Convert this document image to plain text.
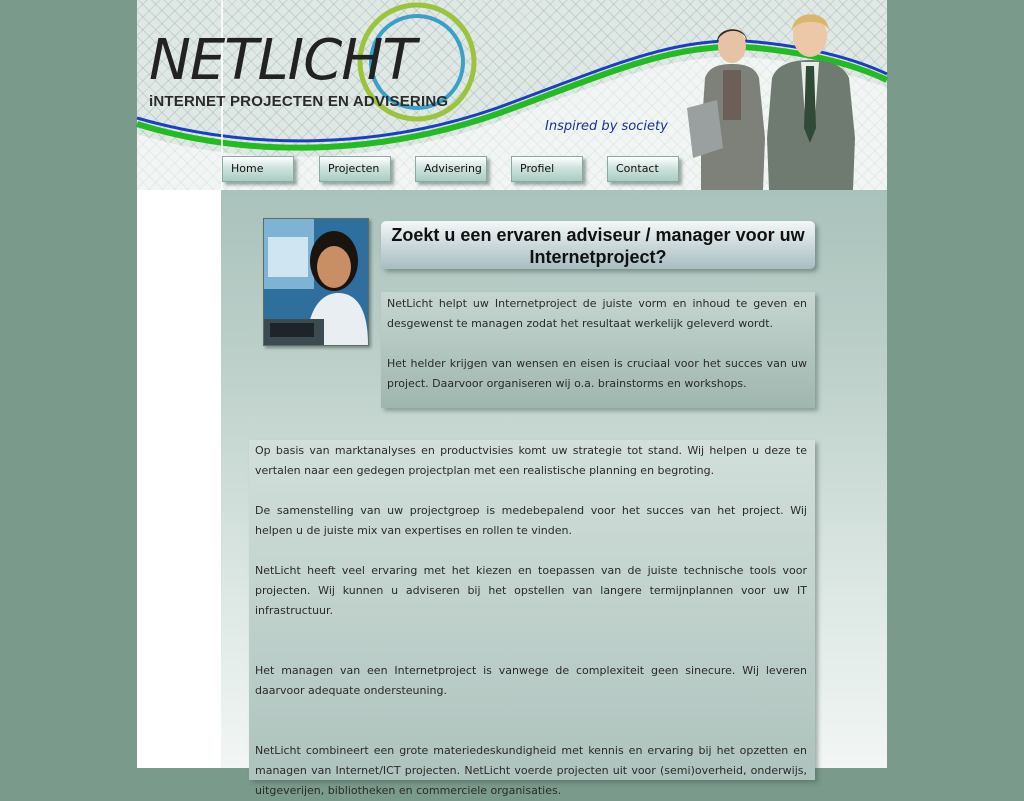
NETLICHT
iNTERNET PROJECTEN EN ADVISERING
Inspired by society
Home	Projecten	Advisering	Profiel	Contact
Zoekt u een ervaren adviseur / manager voor uw Internetproject?

NetLicht helpt uw Internetproject de juiste vorm en inhoud te geven en desgewenst te managen zodat het resultaat werkelijk geleverd wordt.

Het helder krijgen van wensen en eisen is cruciaal voor het succes van uw project. Daarvoor organiseren wij o.a. brainstorms en workshops.

Op basis van marktanalyses en productvisies komt uw strategie tot stand. Wij helpen u deze te vertalen naar een gedegen projectplan met een realistische planning en begroting.

De samenstelling van uw projectgroep is medebepalend voor het succes van het project. Wij helpen u de juiste mix van expertises en rollen te vinden.

NetLicht heeft veel ervaring met het kiezen en toepassen van de juiste technische tools voor projecten. Wij kunnen u adviseren bij het opstellen van langere termijnplannen voor uw IT infrastructuur.

Het managen van een Internetproject is vanwege de complexiteit geen sinecure. Wij leveren daarvoor adequate ondersteuning.

NetLicht combineert een grote materiedeskundigheid met kennis en ervaring bij het opzetten en managen van Internet/ICT projecten. NetLicht voerde projecten uit voor (semi)overheid, onderwijs, uitgeverijen, bibliotheken en commerciele organisaties.
